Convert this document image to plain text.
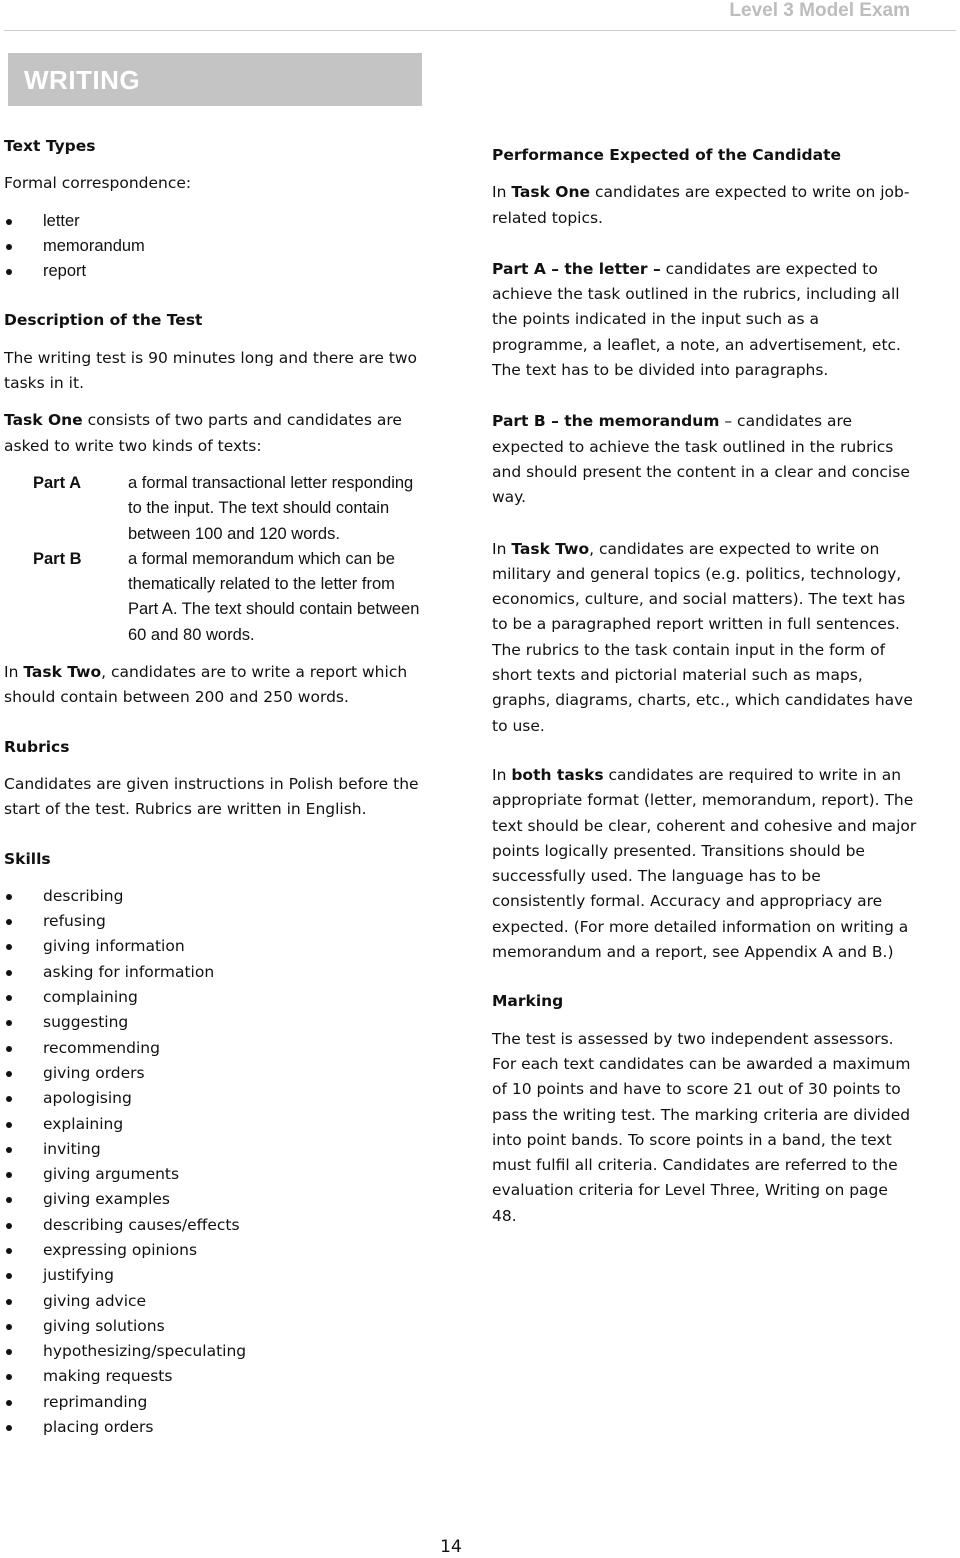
Level 3 Model Exam
WRITING

Text Types

Formal correspondence:

letter
memorandum
report

Description of the Test

The writing test is 90 minutes long and there are two tasks in it.

Task One consists of two parts and candidates are asked to write two kinds of texts:

Part A	a formal transactional letter responding to the input. The text should contain between 100 and 120 words.
Part B	a formal memorandum which can be thematically related to the letter from Part A. The text should contain between 60 and 80 words.

In Task Two, candidates are to write a report which should contain between 200 and 250 words.

Rubrics

Candidates are given instructions in Polish before the start of the test. Rubrics are written in English.

Skills

describing
refusing
giving information
asking for information
complaining
suggesting
recommending
giving orders
apologising
explaining
inviting
giving arguments
giving examples
describing causes/effects
expressing opinions
justifying
giving advice
giving solutions
hypothesizing/speculating
making requests
reprimanding
placing orders

Performance Expected of the Candidate

In Task One candidates are expected to write on job-related topics.

Part A – the letter – candidates are expected to achieve the task outlined in the rubrics, including all the points indicated in the input such as a programme, a leaflet, a note, an advertisement, etc. The text has to be divided into paragraphs.

Part B – the memorandum – candidates are expected to achieve the task outlined in the rubrics and should present the content in a clear and concise way.

In Task Two, candidates are expected to write on military and general topics (e.g. politics, technology, economics, culture, and social matters). The text has to be a paragraphed report written in full sentences. The rubrics to the task contain input in the form of short texts and pictorial material such as maps, graphs, diagrams, charts, etc., which candidates have to use.

In both tasks candidates are required to write in an appropriate format (letter, memorandum, report). The text should be clear, coherent and cohesive and major points logically presented. Transitions should be successfully used. The language has to be consistently formal. Accuracy and appropriacy are expected. (For more detailed information on writing a memorandum and a report, see Appendix A and B.)

Marking

The test is assessed by two independent assessors. For each text candidates can be awarded a maximum of 10 points and have to score 21 out of 30 points to pass the writing test. The marking criteria are divided into point bands. To score points in a band, the text must fulfil all criteria. Candidates are referred to the evaluation criteria for Level Three, Writing on page 48.

14
